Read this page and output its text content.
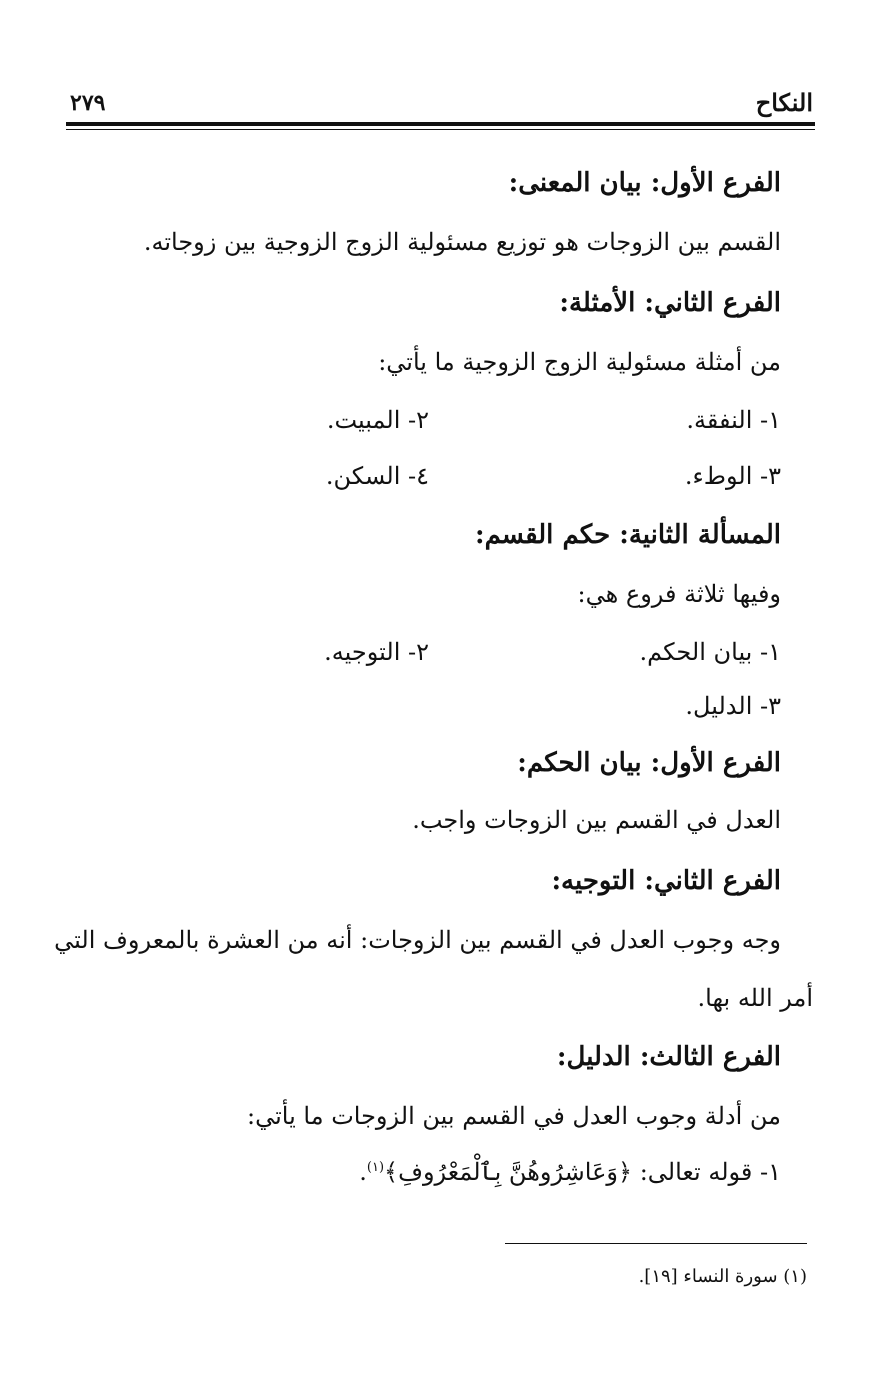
النكاح
٢٧٩
الفرع الأول: بيان المعنى:
القسم بين الزوجات هو توزيع مسئولية الزوج الزوجية بين زوجاته.
الفرع الثاني: الأمثلة:
من أمثلة مسئولية الزوج الزوجية ما يأتي:
١- النفقة.
٢- المبيت.
٣- الوطء.
٤- السكن.
المسألة الثانية: حكم القسم:
وفيها ثلاثة فروع هي:
١- بيان الحكم.
٢- التوجيه.
٣- الدليل.
الفرع الأول: بيان الحكم:
العدل في القسم بين الزوجات واجب.
الفرع الثاني: التوجيه:
وجه وجوب العدل في القسم بين الزوجات: أنه من العشرة بالمعروف التي
أمر الله بها.
الفرع الثالث: الدليل:
من أدلة وجوب العدل في القسم بين الزوجات ما يأتي:
١- قوله تعالى: ﴿وَعَاشِرُوهُنَّ بِٱلْمَعْرُوفِ﴾$^{(١)}$.
(١) سورة النساء [١٩].
